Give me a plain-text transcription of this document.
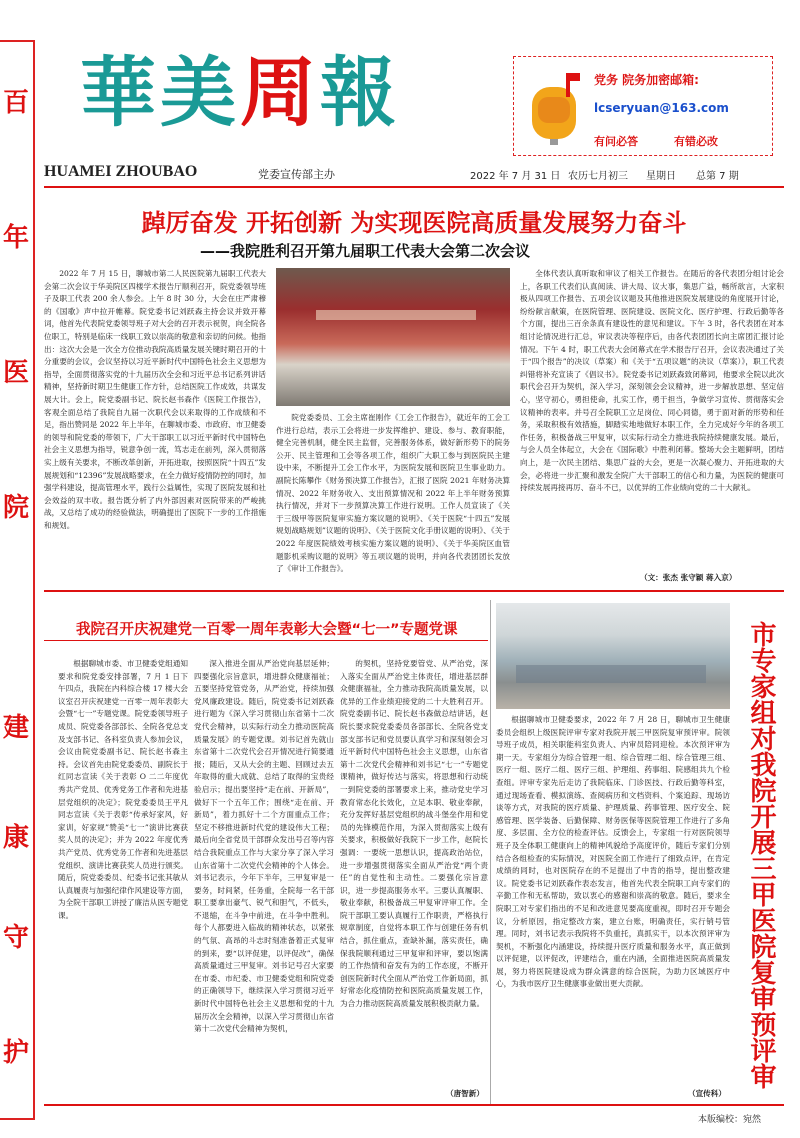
百
年
医
院
建
康
守
护
華美周報	党务 院务加密邮箱:
lcseryuan@163.com
有问必答	有错必改
HUAMEI ZHOUBAO	党委宣传部主办	2022 年 7 月 31 日 农历七月初三 星期日 总第 7 期
踔厉奋发 开拓创新 为实现医院高质量发展努力奋斗
——我院胜利召开第九届职工代表大会第二次会议
2022 年 7 月 15 日，聊城市第二人民医院第九届职工代表大会第二次会议于华美院区四楼学术报告厅顺利召开，院党委领导班子及职工代表 200 余人参会。上午 8 时 30 分，大会在庄严肃穆的《国歌》声中拉开帷幕。院党委书记刘跃森主持会议并致开幕词，他首先代表院党委领导班子对大会的召开表示祝贺，向全院各位职工，特别是临床一线职工致以崇高的敬意和亲切的问候。他指出：这次大会是一次全方位推动我院高质量发展关键时期召开的十分重要的会议，会议坚持以习近平新时代中国特色社会主义思想为指导，全面贯彻落实党的十九届历次全会和习近平总书记系列讲话精神，坚持新时期卫生健康工作方针，总结医院工作成效，共谋发展大计。会上，院党委副书记、院长赵书森作《医院工作报告》，客观全面总结了我院自九届一次职代会以来取得的工作成绩和不足，指出赞同是 2022 年上半年，在聊城市委、市政府、市卫健委的领导和院党委的带领下，广大干部职工以习近平新时代中国特色社会主义思想为指导，锐意争创一流，笃志走在前列，深入贯彻落实上级有关要求，不断改革创新，开拓进取，按照医院“十四五”发展规划和“12396”发展战略要求，在全力做好疫情防控的同时，加强学科建设，提高管理水平，践行公益属性，实现了医院发展和社会效益的双丰收。报告既分析了内外部因素对医院带来的严峻挑战，又总结了成功的经验做法，明确提出了医院下一步的工作措施和规划。
院党委委员、工会主席崔刚作《工会工作报告》，就近年的工会工作进行总结，表示工会将进一步发挥维护、建设、参与、教育职能，健全完善机制，健全民主监督，完善服务体系，做好新形势下的院务公开、民主管理和工会等各项工作，组织广大职工参与到医院民主建设中来，不断提升工会工作水平，为医院发展和医院卫生事业助力。副院长陈攀作《财务预决算工作报告》，汇报了医院 2021 年财务决算情况、2022 年财务收入、支出预算情况和 2022 年上半年财务预算执行情况，并对下一步预算决算工作进行说明。工作人员宣读了《关于三级甲等医院复审实施方案议题的说明》、《关于医院“十四五”发展规划战略规划”议题的说明》、《关于医院文化手册议题的说明》、《关于 2022 年度医院绩效考核实施方案议题的说明》、《关于华美院区血管题影机采购议题的说明》等五项议题的说明，并向各代表团团长发放了《审计工作报告》。
全体代表认真听取和审议了相关工作报告。在随后的各代表团分组讨论会上，各职工代表们认真阅读、讲大局、议大事，集思广益，畅所欲言，大家积极从四项工作报告、五项会议议题及其他推进医院发展建设的角度展开讨论，纷纷献言献策，在医院管理、医院建设、医院文化、医疗护理、行政后勤等各个方面，提出三百余条真有建设性的意见和建议。下午 3 时，各代表团在对本组讨论情况进行汇总，审议表决等程序后，由各代表团团长向主席团汇报讨论情况。下午 4 时，职工代表大会闭幕式在学术报告厅召开，会议表决通过了关于“四个报告”的决议（草案）和《关于“五项议题”的决议（草案）》，职工代表纠错将补充宣读了《倡议书》。院党委书记刘跃森致闭幕词，他要求全院以此次职代会召开为契机，深入学习，深刻领会会议精神，进一步解放思想、坚定信心，坚守初心，勇担使命，扎实工作，勇于担当，争做学习宣传、贯彻落实会议精神的表率。并号召全院职工立足岗位、同心同德，勇于面对新的形势和任务，采取积极有效措施，脚踏实地地做好本职工作，全力完成好今年的各项工作任务，积极备战三甲复审，以实际行动全力推进我院持续健康发展。最后，与会人员全体起立，大会在《国际歌》中胜利闭幕。整场大会主题鲜明，团结向上，是一次民主团结、集思广益的大会，更是一次凝心聚力、开拓进取的大会，必将进一步汇聚和激发全院广大干部职工的信心和力量，为医院的健康可持续发展再接再厉、奋斗不已，以优异的工作业绩向党的二十大献礼。
（文：张杰 张守颖 蒋入京）
我院召开庆祝建党一百零一周年表彰大会暨“七一”专题党课
根据聊城市委、市卫健委党组通知要求和院党委安排部署，7 月 1 日下午四点，我院在内科综合楼 17 楼大会议室召开庆祝建党一百零一周年表彰大会暨“七一”专题党课。院党委领导班子成员、院党委各部部长、全院各党总支及支部书记、各科室负责人参加会议，会议由院党委副书记、院长赵书森主持。会议首先由院党委委员、副院长于红同志宣读《关于表彰 O 二二年度优秀共产党员、优秀党务工作者和先进基层党组织的决定》；院党委委员王平凡同志宣读《关于表彰“传承好家风，好家训，好家规”赞美“七一”演讲比赛获奖人员的决定》；并为 2022 年度优秀共产党员、优秀党务工作者和先进基层党组织、演讲比赛获奖人员进行颁奖。随后，院党委委员、纪委书记张其敏从认真履责与加强纪律作风建设等方面，为全院干部职工讲授了廉洁从医专题党课。
深入推进全面从严治党向基层延伸；四要强化宗旨意识，增进群众健康福祉；五要坚持党管党务，从严治党，持续加强党风廉政建设。随后，院党委书记刘跃森进行题为《深入学习贯彻山东省第十二次党代会精神，以实际行动全力推动医院高质量发展》的专题党课。刘书记首先就山东省第十二次党代会召开情况进行简要通报；随后，又从大会的主题、回顾过去五年取得的重大成就、总结了取得的宝贵经验启示；提出要坚持“走在前、开新局”，做好下一个五年工作；围绕“走在前、开新局”，着力抓好十二个方面重点工作；坚定不移推进新时代党的建设伟大工程；最后向全省党员干部群众发出号召等内容结合我院重点工作与大家分享了深入学习山东省第十二次党代会精神的个人体会。刘书记表示，今年下半年，三甲复审是一要务，时间紧，任务重，全院每一名干部职工要拿出豪气、锐气和胆气，不低头，不退缩，在斗争中前进，在斗争中胜利。每个人都要进入临战的精神状态，以紧张的气氛、高昂的斗志时刻准备着正式复审的到来，要“以评促建，以评促改”，确保高质量通过三甲复审。刘书记号召大家要在市委、市纪委、市卫健委党组和院党委的正确领导下，继续深入学习贯彻习近平新时代中国特色社会主义思想和党的十九届历次全会精神，以深入学习贯彻山东省第十二次党代会精神为契机，
的契机，坚持党要管党、从严治党，深入落实全面从严治党主体责任，增进基层群众健康福祉，全力推动我院高质量发展，以优异的工作业绩迎接党的二十大胜利召开。院党委副书记、院长赵书森做总结讲话，赵院长要求院党委委员各部部长、全院各党支部支部书记和党员要认真学习和深刻领会习近平新时代中国特色社会主义思想，山东省第十二次党代会精神和刘书记“七一”专题党课精神，做好传达与落实，将思想和行动统一到院党委的部署要求上来，推动党史学习教育常态化长效化，立足本职、敬业奉献，充分发挥好基层党组织的战斗堡垒作用和党员的先锋模范作用，为深入贯彻落实上级有关要求，积极做好我院下一步工作，赵院长强调：一要统一思想认识，提高政治站位，进一步增强贯彻落实全面从严治党“两个责任”的自觉性和主动性。二要强化宗旨意识，进一步提高服务水平。三要认真履职、敬业奉献，积极备战三甲复审评审工作。全院干部职工要认真履行工作职责，严格执行规章制度，自觉将本职工作与创建任务有机结合，抓住重点，查缺补漏，落实责任，确保我院顺利通过三甲复审和评审，要以饱满的工作热情和奋发有为的工作态度，不断开创医院新时代全面从严治党工作新局面，抓好常态化疫情防控和医院高质量发展工作，为合力推动医院高质量发展积极贡献力量。
（唐智新）
根据聊城市卫健委要求，2022 年 7 月 28 日，聊城市卫生健康委员会组织上级医院评审专家对我院开展三甲医院复审预评审。院领导班子成员，相关职能科室负责人、内审员陪同迎检。本次预评审为期一天。专家组分为综合管理一组、综合管理二组、综合管理三组、医疗一组、医疗二组、医疗三组、护理组、药事组、院感组共九个检查组。评审专家先后走访了我院临床、门诊医技、行政后勤等科室，通过现场查看、模拟演练、查阅病历和文档资料、个案追踪、现场访谈等方式，对我院的医疗质量、护理质量、药事管理、医疗安全、院感管理、医学装备、后勤保障、财务医保等医院管理工作进行了多角度、多层面、全方位的检查评估。反馈会上，专家组一行对医院领导班子及全体职工健康向上的精神风貌给予高度评价，随后专家们分别结合各组检查的实际情况，对医院全面工作进行了细致点评，在肯定成绩的同时，也对医院存在的不足提出了中肯的指导，提出整改建议。院党委书记刘跃森作表态发言，他首先代表全院职工向专家们的辛勤工作和无私帮助，致以衷心的感谢和崇高的敬意。随后，要求全院职工对专家们指出的不足和改进意见要高度重视，即时召开专题会议，分析原因，指定整改方案，建立台账，明确责任，实行销号管理。同时，刘书记表示我院将不负重托，真抓实干，以本次预评审为契机，不断强化内涵建设，持续提升医疗质量和服务水平，真正做到以评促建，以评促改，评建结合，重在内涵，全面推进医院高质量发展，努力将医院建设成为群众满意的综合医院，为助力区域医疗中心，为我市医疗卫生健康事业做出更大贡献。
（宣传科）
市专家组对我院开展三甲医院复审预评审
本版编校：宛然
